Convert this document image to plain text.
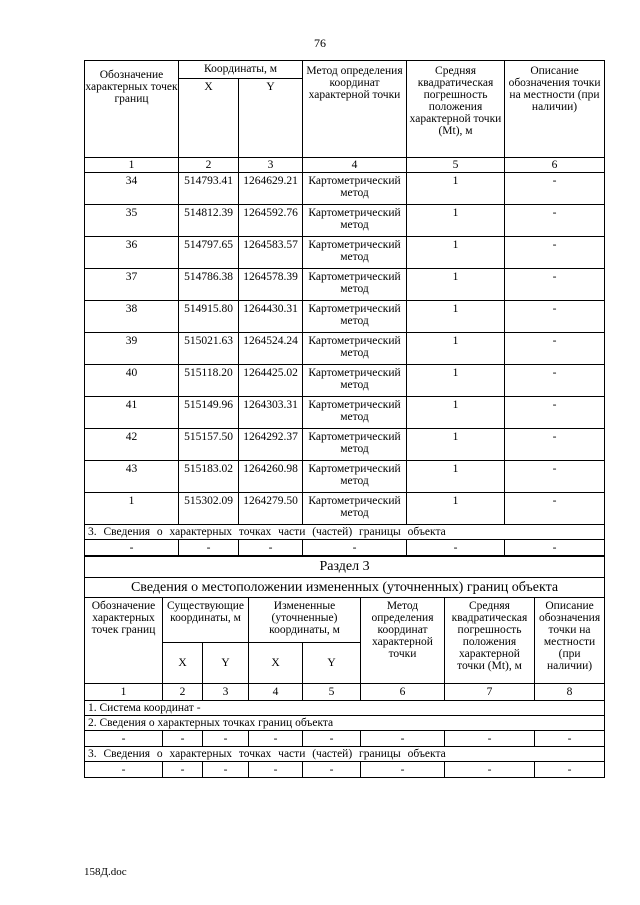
76
Обозначение характерных точек границ	Координаты, м		Метод определения координат характерной точки	Средняя квадратическая погрешность положения характерной точки (Mt), м	Описание обозначения точки на местности (при наличии)
	X	Y			
1	2	3	4	5	6
34	514793.41	1264629.21	Картометрический метод	1	-
35	514812.39	1264592.76	Картометрический метод	1	-
36	514797.65	1264583.57	Картометрический метод	1	-
37	514786.38	1264578.39	Картометрический метод	1	-
38	514915.80	1264430.31	Картометрический метод	1	-
39	515021.63	1264524.24	Картометрический метод	1	-
40	515118.20	1264425.02	Картометрический метод	1	-
41	515149.96	1264303.31	Картометрический метод	1	-
42	515157.50	1264292.37	Картометрический метод	1	-
43	515183.02	1264260.98	Картометрический метод	1	-
1	515302.09	1264279.50	Картометрический метод	1	-
3. Сведения о характерных точках части (частей) границы объекта					
-	-	-	-	-	-
Раздел 3							
Сведения о местоположении измененных (уточненных) границ объекта							
Обозначение характерных точек границ	Существующие координаты, м		Измененные (уточненные) координаты, м		Метод определения координат характерной точки	Средняя квадратическая погрешность положения характерной точки (Mt), м	Описание обозначения точки на местности (при наличии)
	X	Y	X	Y			
1	2	3	4	5	6	7	8
1. Система координат -							
2. Сведения о характерных точках границ объекта							
-	-	-	-	-	-	-	-
3. Сведения о характерных точках части (частей) границы объекта							
-	-	-	-	-	-	-	-
158Д.doc
